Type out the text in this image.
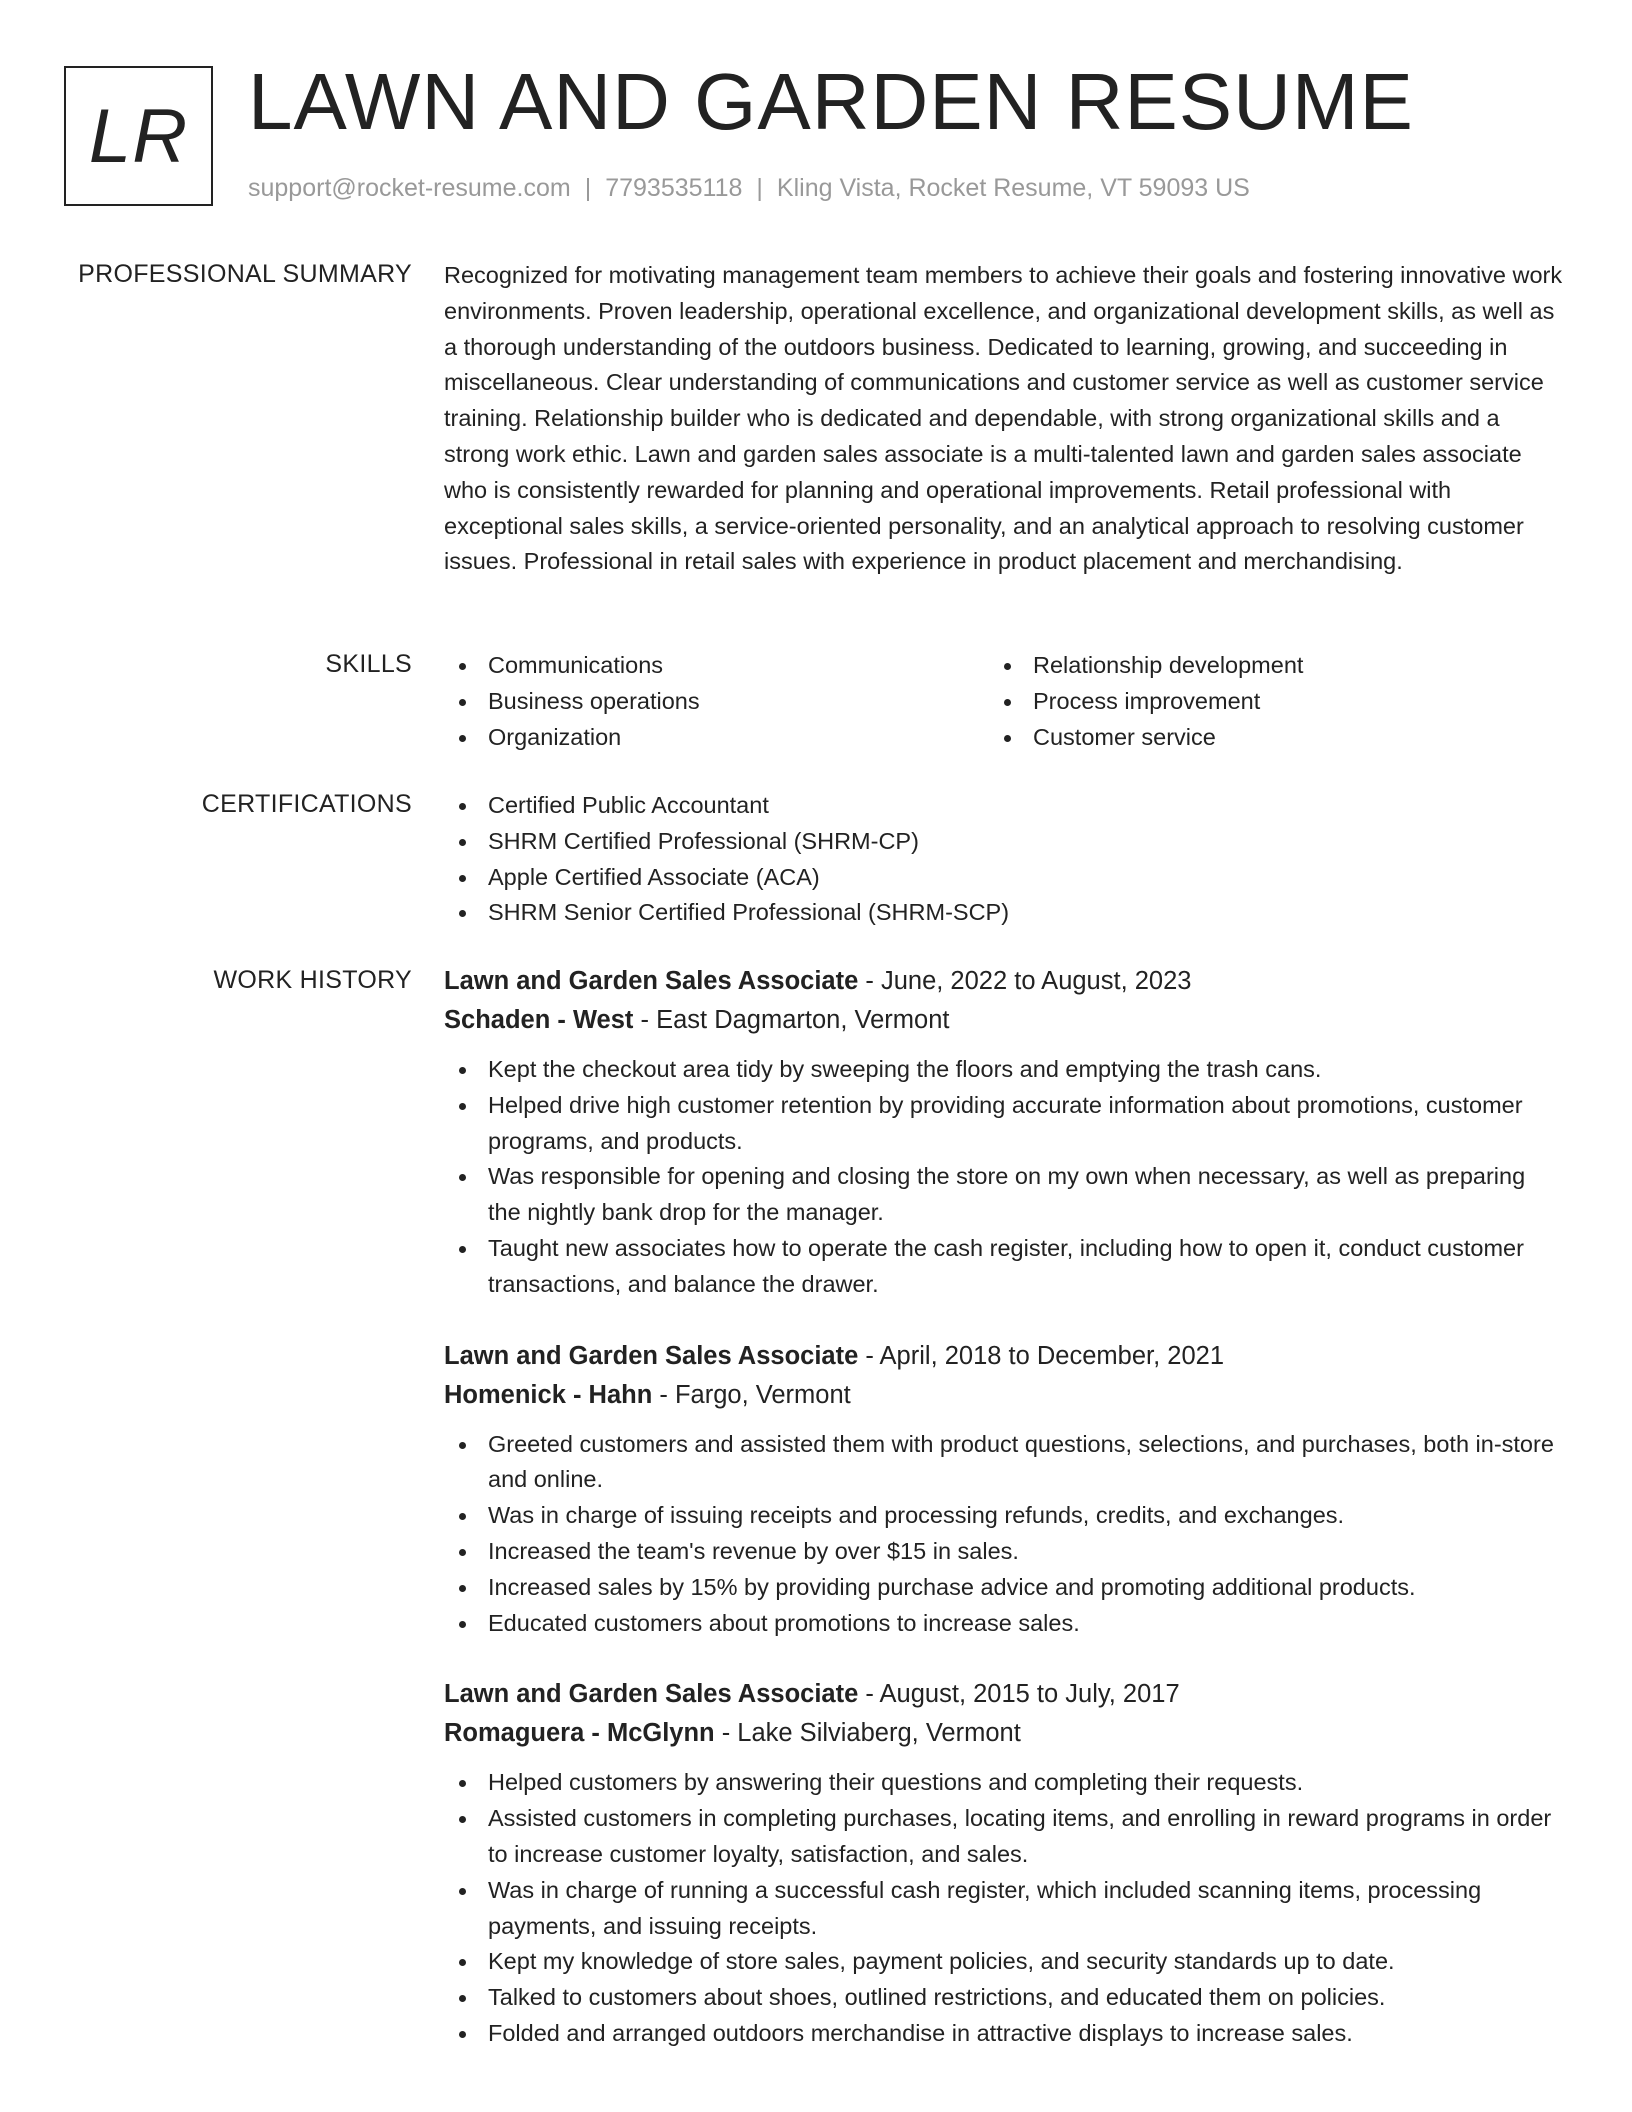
LR LAWN AND GARDEN RESUME
support@rocket-resume.com | 7793535118 | Kling Vista, Rocket Resume, VT 59093 US
PROFESSIONAL SUMMARY Recognized for motivating management team members to achieve their goals and fostering innovative work environments. Proven leadership, operational excellence, and organizational development skills, as well as a thorough understanding of the outdoors business. Dedicated to learning, growing, and succeeding in miscellaneous. Clear understanding of communications and customer service as well as customer service training. Relationship builder who is dedicated and dependable, with strong organizational skills and a strong work ethic. Lawn and garden sales associate is a multi-talented lawn and garden sales associate who is consistently rewarded for planning and operational improvements. Retail professional with exceptional sales skills, a service-oriented personality, and an analytical approach to resolving customer issues. Professional in retail sales with experience in product placement and merchandising.

SKILLS	Communications
Business operations
Organization
Relationship development
Process improvement
Customer service
CERTIFICATIONS	Certified Public Accountant
SHRM Certified Professional (SHRM-CP)
Apple Certified Associate (ACA)
SHRM Senior Certified Professional (SHRM-SCP)
WORK HISTORY Lawn and Garden Sales Associate - June, 2022 to August, 2023
Schaden - West - East Dagmarton, Vermont
Kept the checkout area tidy by sweeping the floors and emptying the trash cans.
Helped drive high customer retention by providing accurate information about promotions, customer programs, and products.
Was responsible for opening and closing the store on my own when necessary, as well as preparing the nightly bank drop for the manager.
Taught new associates how to operate the cash register, including how to open it, conduct customer transactions, and balance the drawer.
Lawn and Garden Sales Associate - April, 2018 to December, 2021
Homenick - Hahn - Fargo, Vermont
Greeted customers and assisted them with product questions, selections, and purchases, both in-store and online.
Was in charge of issuing receipts and processing refunds, credits, and exchanges.
Increased the team's revenue by over $15 in sales.
Increased sales by 15% by providing purchase advice and promoting additional products.
Educated customers about promotions to increase sales.
Lawn and Garden Sales Associate - August, 2015 to July, 2017
Romaguera - McGlynn - Lake Silviaberg, Vermont
Helped customers by answering their questions and completing their requests.
Assisted customers in completing purchases, locating items, and enrolling in reward programs in order to increase customer loyalty, satisfaction, and sales.
Was in charge of running a successful cash register, which included scanning items, processing payments, and issuing receipts.
Kept my knowledge of store sales, payment policies, and security standards up to date.
Talked to customers about shoes, outlined restrictions, and educated them on policies.
Folded and arranged outdoors merchandise in attractive displays to increase sales.
